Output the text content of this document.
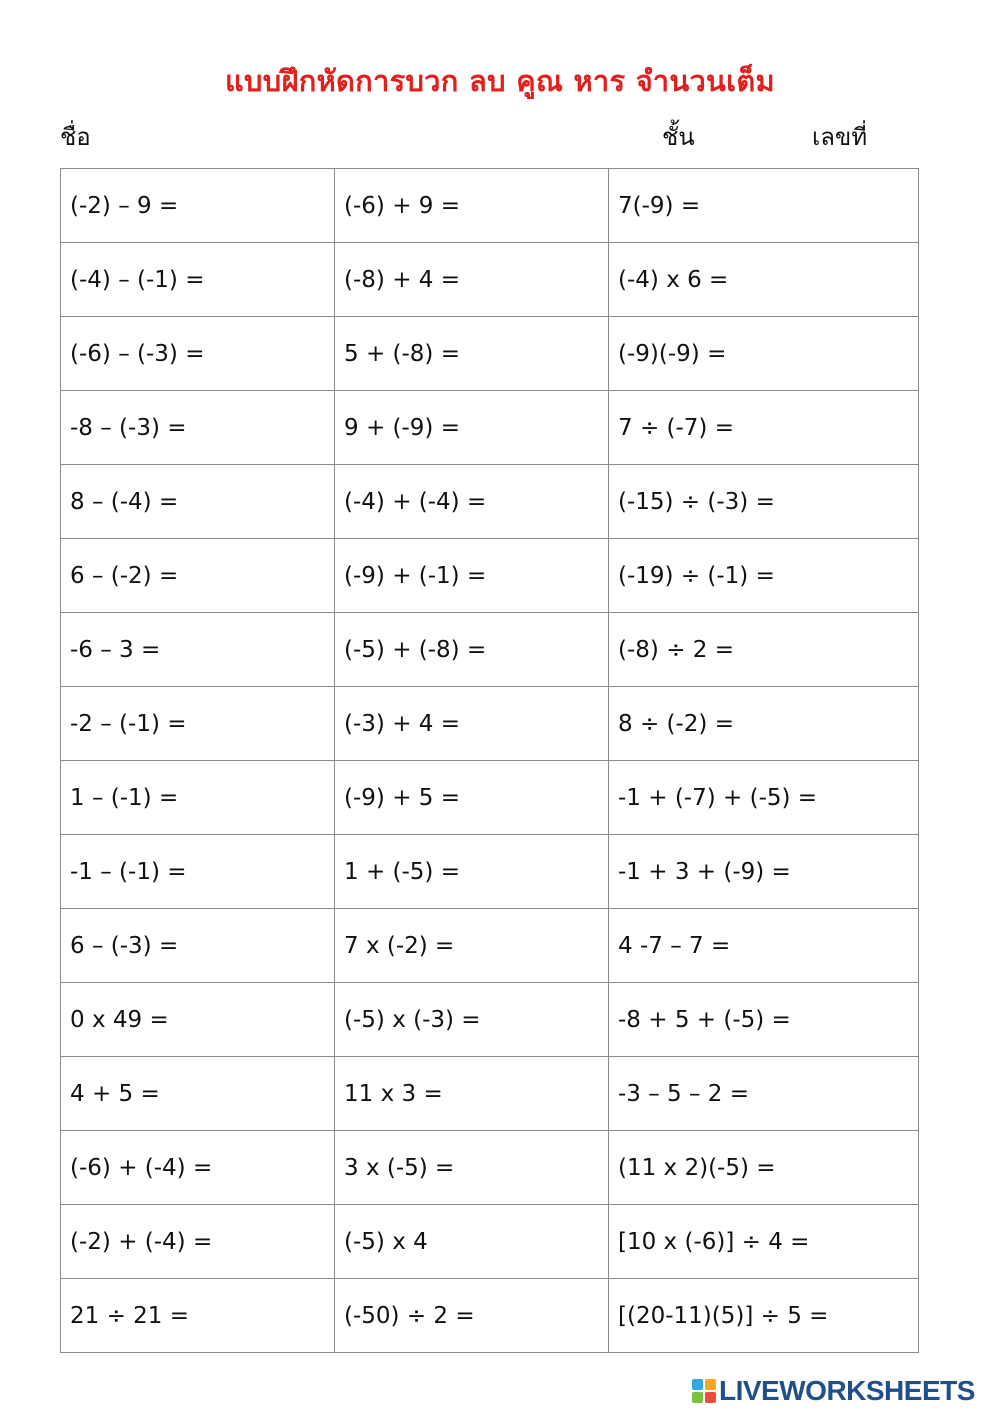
แบบฝึกหัดการบวก ลบ คูณ หาร จำนวนเต็ม
ชื่อ	ชั้น	เลขที่
(-2) – 9 =	(-6) + 9 =	7(-9) =
(-4) – (-1) =	(-8) + 4 =	(-4) x 6 =
(-6) – (-3) =	5 + (-8) =	(-9)(-9) =
-8 – (-3) =	9 + (-9) =	7 ÷ (-7) =
8 – (-4) =	(-4) + (-4) =	(-15) ÷ (-3) =
6 – (-2) =	(-9) + (-1) =	(-19) ÷ (-1) =
-6 – 3 =	(-5) + (-8) =	(-8) ÷ 2 =
-2 – (-1) =	(-3) + 4 =	8 ÷ (-2) =
1 – (-1) =	(-9) + 5 =	-1 + (-7) + (-5) =
-1 – (-1) =	1 + (-5) =	-1 + 3 + (-9) =
6 – (-3) =	7 x (-2) =	4 -7 – 7 =
0 x 49 =	(-5) x (-3) =	-8 + 5 + (-5) =
4 + 5 =	11 x 3 =	-3 – 5 – 2 =
(-6) + (-4) =	3 x (-5) =	(11 x 2)(-5) =
(-2) + (-4) =	(-5) x 4	[10 x (-6)] ÷ 4 =
21 ÷ 21 =	(-50) ÷ 2 =	[(20-11)(5)] ÷ 5 =
LIVEWORKSHEETS
